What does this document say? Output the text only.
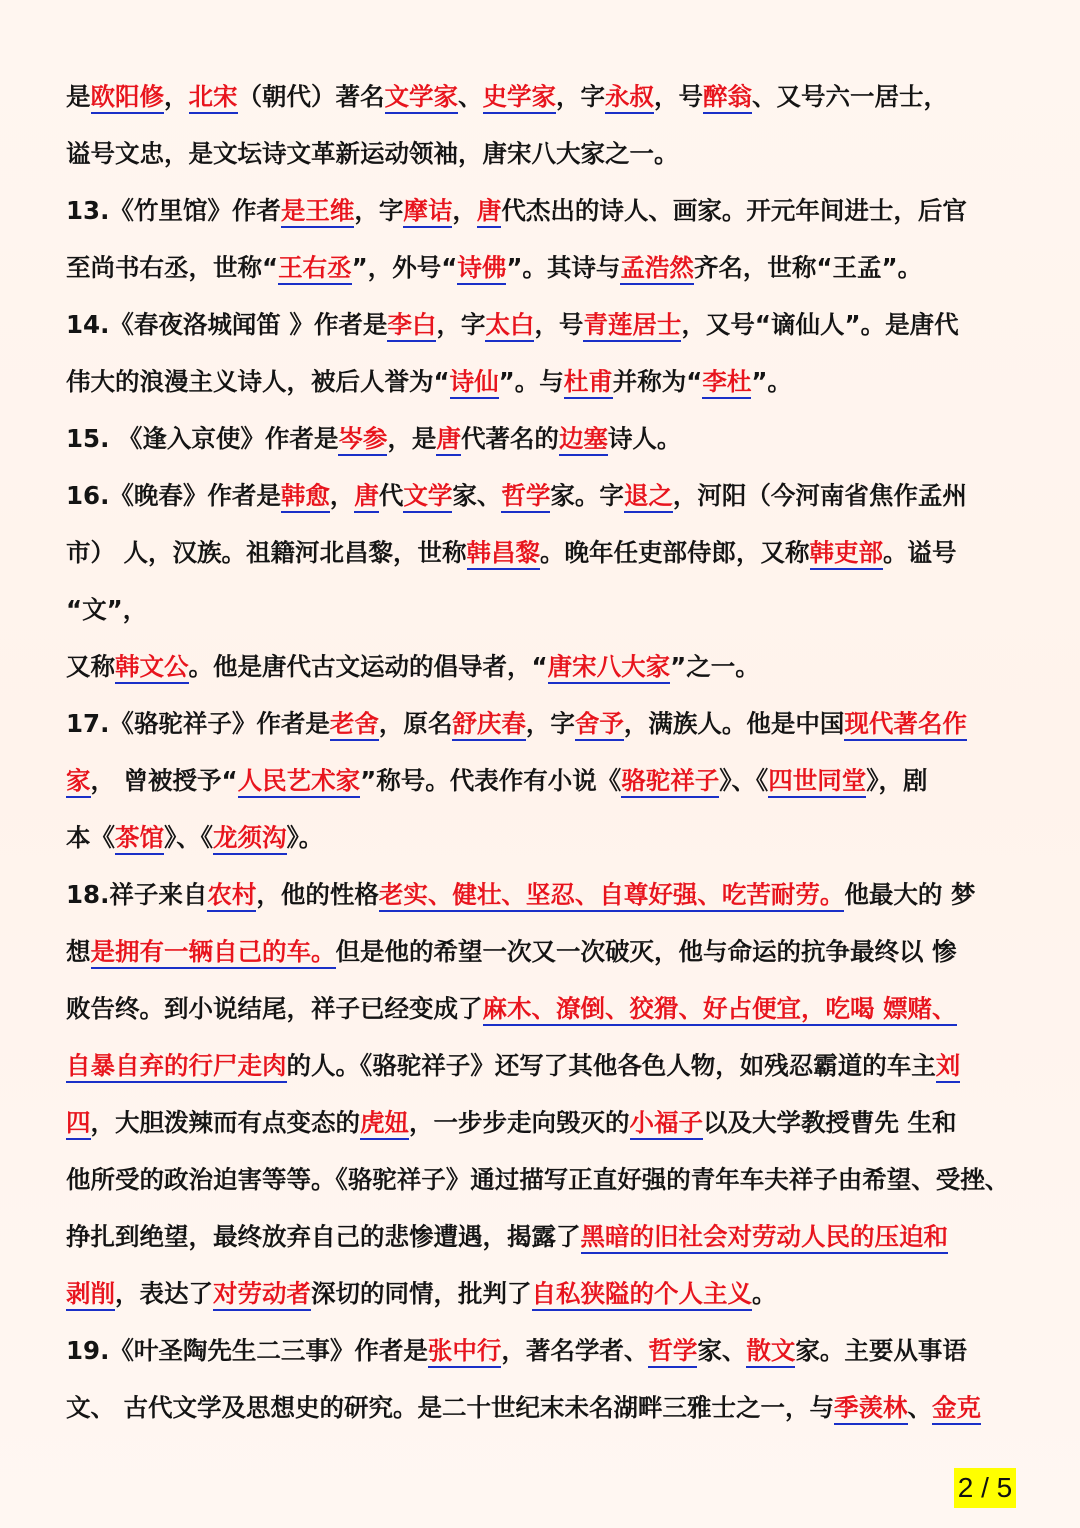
是欧阳修，北宋（朝代）著名文学家、史学家，字永叔，号醉翁、又号六一居士，
谥号文忠，是文坛诗文革新运动领袖，唐宋八大家之一。
13.《竹里馆》作者是王维，字摩诘，唐代杰出的诗人、画家。开元年间进士，后官
至尚书右丞，世称“王右丞”，外号“诗佛”。其诗与孟浩然齐名，世称“王孟”。
14.《春夜洛城闻笛 》作者是李白，字太白，号青莲居士，又号“谪仙人”。是唐代
伟大的浪漫主义诗人，被后人誉为“诗仙”。与杜甫并称为“李杜”。
15. 《逢入京使》作者是岑参，是唐代著名的边塞诗人。
16.《晚春》作者是韩愈，唐代文学家、哲学家。字退之，河阳（今河南省焦作孟州
市） 人，汉族。祖籍河北昌黎，世称韩昌黎。晚年任吏部侍郎，又称韩吏部。谥号
“文”，
又称韩文公。他是唐代古文运动的倡导者，“唐宋八大家”之一。
17.《骆驼祥子》作者是老舍，原名舒庆春，字舍予，满族人。他是中国现代著名作
家， 曾被授予“人民艺术家”称号。代表作有小说《骆驼祥子》、《四世同堂》，剧
本《茶馆》、《龙须沟》。
18.祥子来自农村，他的性格老实、健壮、坚忍、自尊好强、吃苦耐劳。他最大的 梦
想是拥有一辆自己的车。但是他的希望一次又一次破灭，他与命运的抗争最终以 惨
败告终。到小说结尾，祥子已经变成了麻木、潦倒、狡猾、好占便宜，吃喝 嫖赌、
自暴自弃的行尸走肉的人。《骆驼祥子》还写了其他各色人物，如残忍霸道的车主刘
四，大胆泼辣而有点变态的虎妞，一步步走向毁灭的小福子以及大学教授曹先 生和
他所受的政治迫害等等。《骆驼祥子》通过描写正直好强的青年车夫祥子由希望、受挫、
挣扎到绝望，最终放弃自己的悲惨遭遇，揭露了黑暗的旧社会对劳动人民的压迫和
剥削，表达了对劳动者深切的同情，批判了自私狭隘的个人主义。
19.《叶圣陶先生二三事》作者是张中行，著名学者、哲学家、散文家。主要从事语
文、 古代文学及思想史的研究。是二十世纪末未名湖畔三雅士之一，与季羡林、金克
2 / 5
